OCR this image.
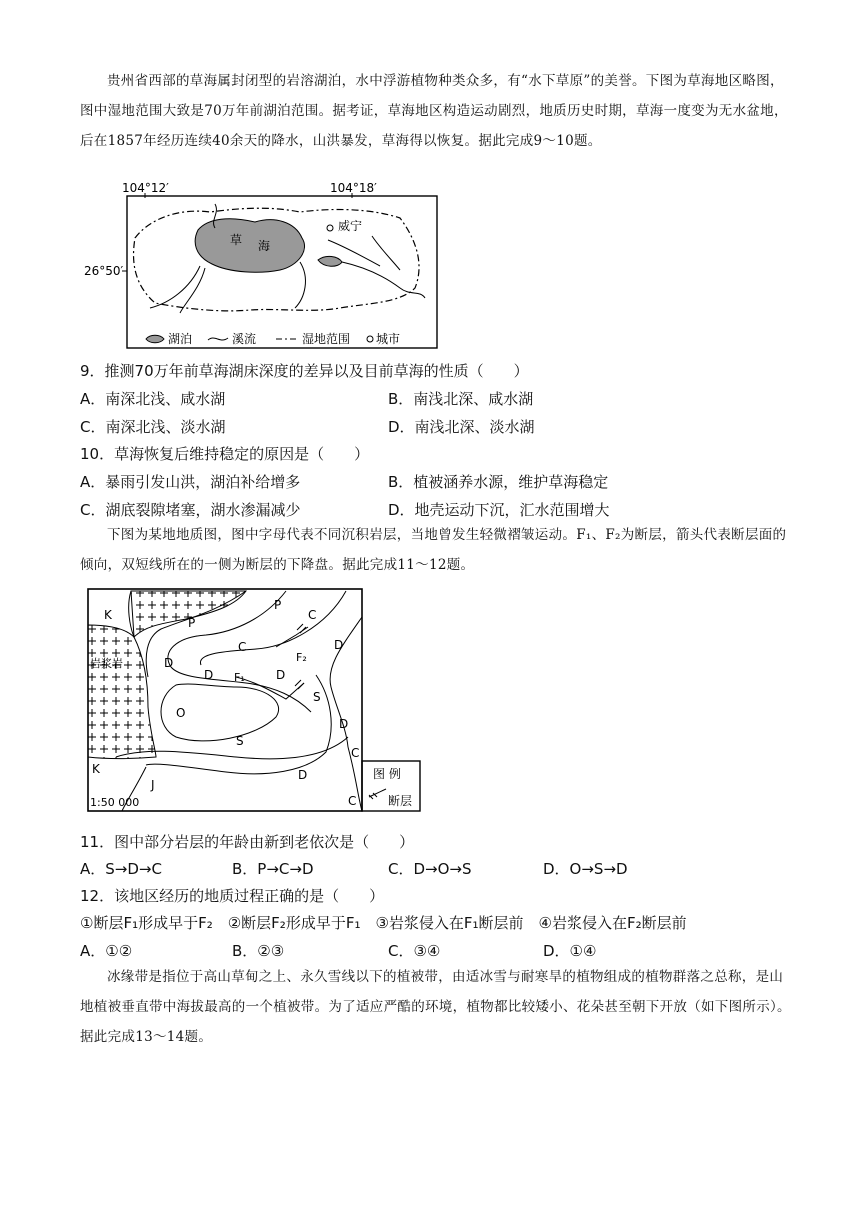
贵州省西部的草海属封闭型的岩溶湖泊，水中浮游植物种类众多，有“水下草原”的美誉。下图为草海地区略图，图中湿地范围大致是70万年前湖泊范围。据考证，草海地区构造运动剧烈，地质历史时期，草海一度变为无水盆地，后在1857年经历连续40余天的降水，山洪暴发，草海得以恢复。据此完成9～10题。

104°12′	104°18′
26°50′
草 海
威宁
湖泊	溪流	湿地范围 城市
9．推测70万年前草海湖床深度的差异以及目前草海的性质（　　）
A．南深北浅、咸水湖	B．南浅北深、咸水湖
C．南深北浅、淡水湖	D．南浅北深、淡水湖
10．草海恢复后维持稳定的原因是（　　）
A．暴雨引发山洪，湖泊补给增多	B．植被涵养水源，维护草海稳定
C．湖底裂隙堵塞，湖水渗漏减少	D．地壳运动下沉，汇水范围增大

下图为某地地质图，图中字母代表不同沉积岩层，当地曾发生轻微褶皱运动。F₁、F₂为断层，箭头代表断层面的倾向，双短线所在的一侧为断层的下降盘。据此完成11～12题。

K
P
C
D
P
C
D
D
F₂
F₁
D
S
D
O
S
C
K
J
D
C
岩浆岩
1:50 000
图 例
断层
11．图中部分岩层的年龄由新到老依次是（　　）
A．S→D→C	B．P→C→D	C．D→O→S	D．O→S→D
12．该地区经历的地质过程正确的是（　　）
①断层F₁形成早于F₂　②断层F₂形成早于F₁　③岩浆侵入在F₁断层前　④岩浆侵入在F₂断层前
A．①②	B．②③	C．③④	D．①④

冰缘带是指位于高山草甸之上、永久雪线以下的植被带，由适冰雪与耐寒旱的植物组成的植物群落之总称，是山地植被垂直带中海拔最高的一个植被带。为了适应严酷的环境，植物都比较矮小、花朵甚至朝下开放（如下图所示）。据此完成13～14题。
